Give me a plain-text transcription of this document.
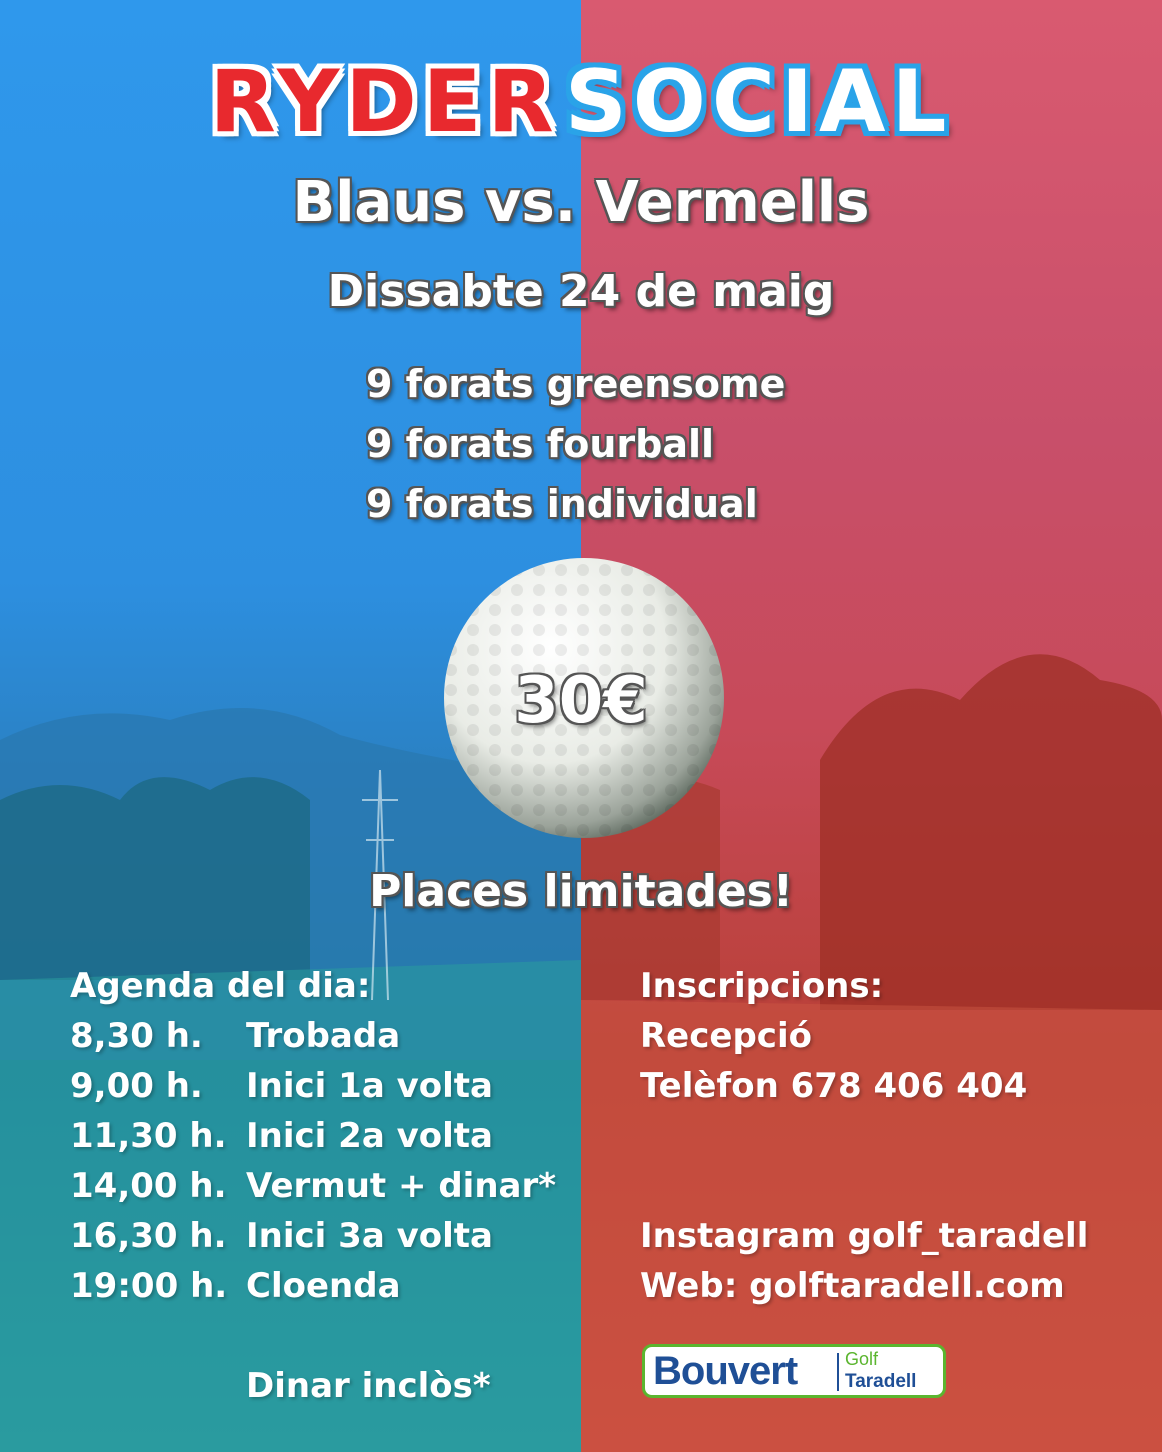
RYDER SOCIAL
Blaus vs. Vermells
Dissabte 24 de maig
9 forats greensome
9 forats fourball
9 forats individual
30€
Places limitades!
Agenda del dia:
8,30 h. Trobada
9,00 h. Inici 1a volta
11,30 h. Inici 2a volta
14,00 h. Vermut + dinar*
16,30 h. Inici 3a volta
19:00 h. Cloenda
Dinar inclòs*
Inscripcions:
Recepció
Telèfon 678 406 404
Instagram golf_taradell
Web: golftaradell.com
Bouvert	Golf
Taradell
